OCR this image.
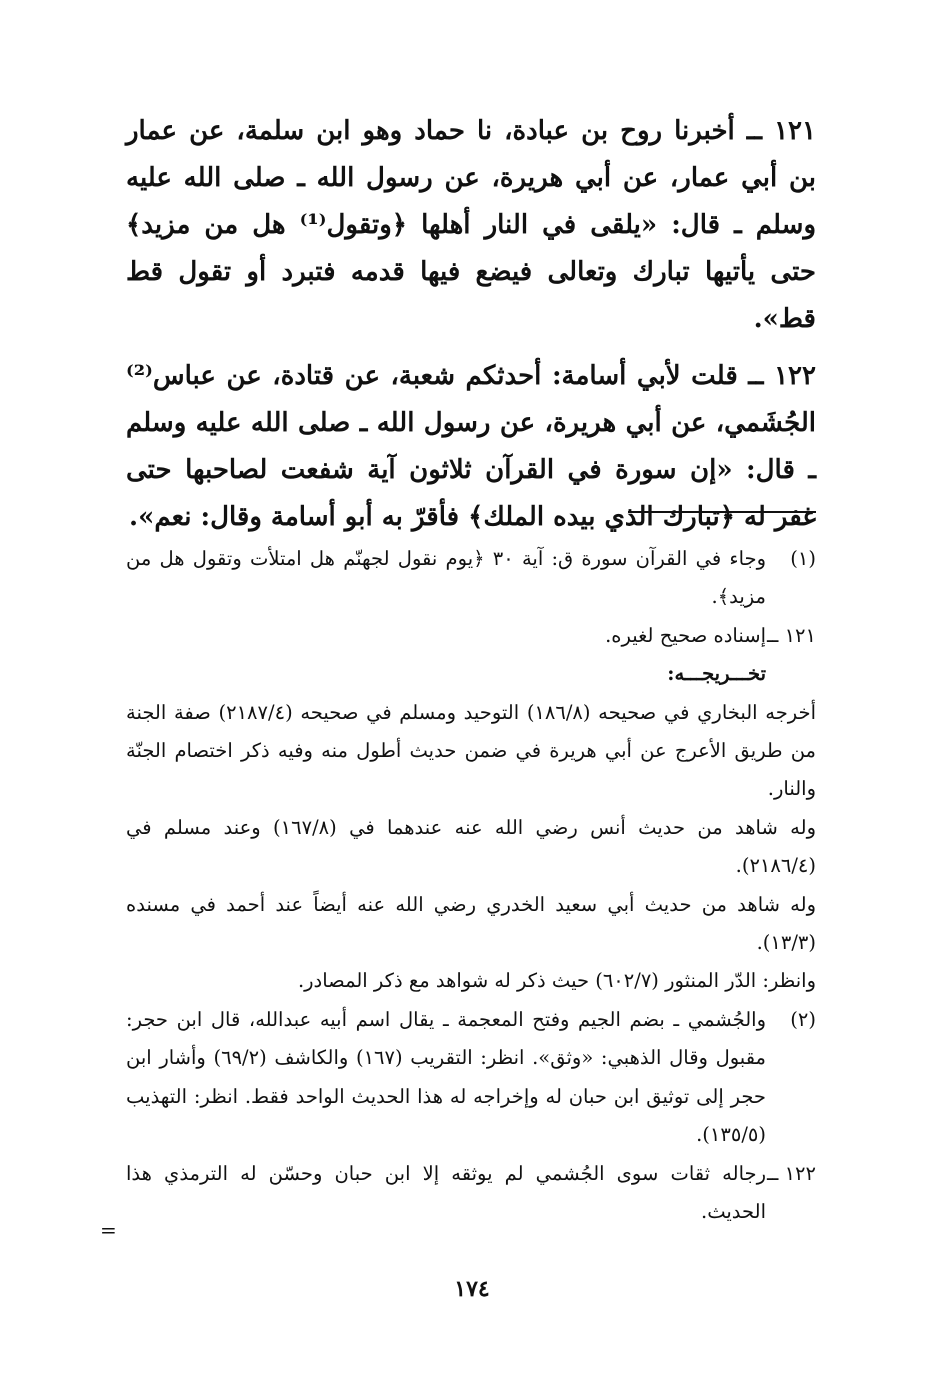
١٢١ ــ أخبرنا روح بن عبادة، نا حماد وهو ابن سلمة، عن عمار بن أبي عمار، عن أبي هريرة، عن رسول الله ـ صلى الله عليه وسلم ـ قال: «يلقى في النار أهلها ﴿وتقول⁽¹⁾ هل من مزيد﴾ حتى يأتيها تبارك وتعالى فيضع فيها قدمه فتبرد أو تقول قط قط».

١٢٢ ــ قلت لأبي أسامة: أحدثكم شعبة، عن قتادة، عن عباس⁽²⁾ الجُشَمي، عن أبي هريرة، عن رسول الله ـ صلى الله عليه وسلم ـ قال: «إن سورة في القرآن ثلاثون آية شفعت لصاحبها حتى غفر له ﴿تبارك الذي بيده الملك﴾ فأقرّ به أبو أسامة وقال: نعم».

(١)

وجاء في القرآن سورة ق: آية ٣٠ ﴿يوم نقول لجهنّم هل امتلأت وتقول هل من مزيد﴾.

١٢١ ــ

إسناده صحيح لغيره.

تخـــريجـــه:

أخرجه البخاري في صحيحه (١٨٦/٨) التوحيد ومسلم في صحيحه (٢١٨٧/٤) صفة الجنة من طريق الأعرج عن أبي هريرة في ضمن حديث أطول منه وفيه ذكر اختصام الجنّة والنار.

وله شاهد من حديث أنس رضي الله عنه عندهما في (١٦٧/٨) وعند مسلم في (٢١٨٦/٤).

وله شاهد من حديث أبي سعيد الخدري رضي الله عنه أيضاً عند أحمد في مسنده (١٣/٣).

وانظر: الدّر المنثور (٦٠٢/٧) حيث ذكر له شواهد مع ذكر المصادر.

(٢)

والجُشمي ـ بضم الجيم وفتح المعجمة ـ يقال اسم أبيه عبدالله، قال ابن حجر: مقبول وقال الذهبي: «وثق». انظر: التقريب (١٦٧) والكاشف (٦٩/٢) وأشار ابن حجر إلى توثيق ابن حبان له وإخراجه له هذا الحديث الواحد فقط. انظر: التهذيب (١٣٥/٥).

١٢٢ ــ

رجاله ثقات سوى الجُشمي لم يوثقه إلا ابن حبان وحسّن له الترمذي هذا الحديث.

=
١٧٤
